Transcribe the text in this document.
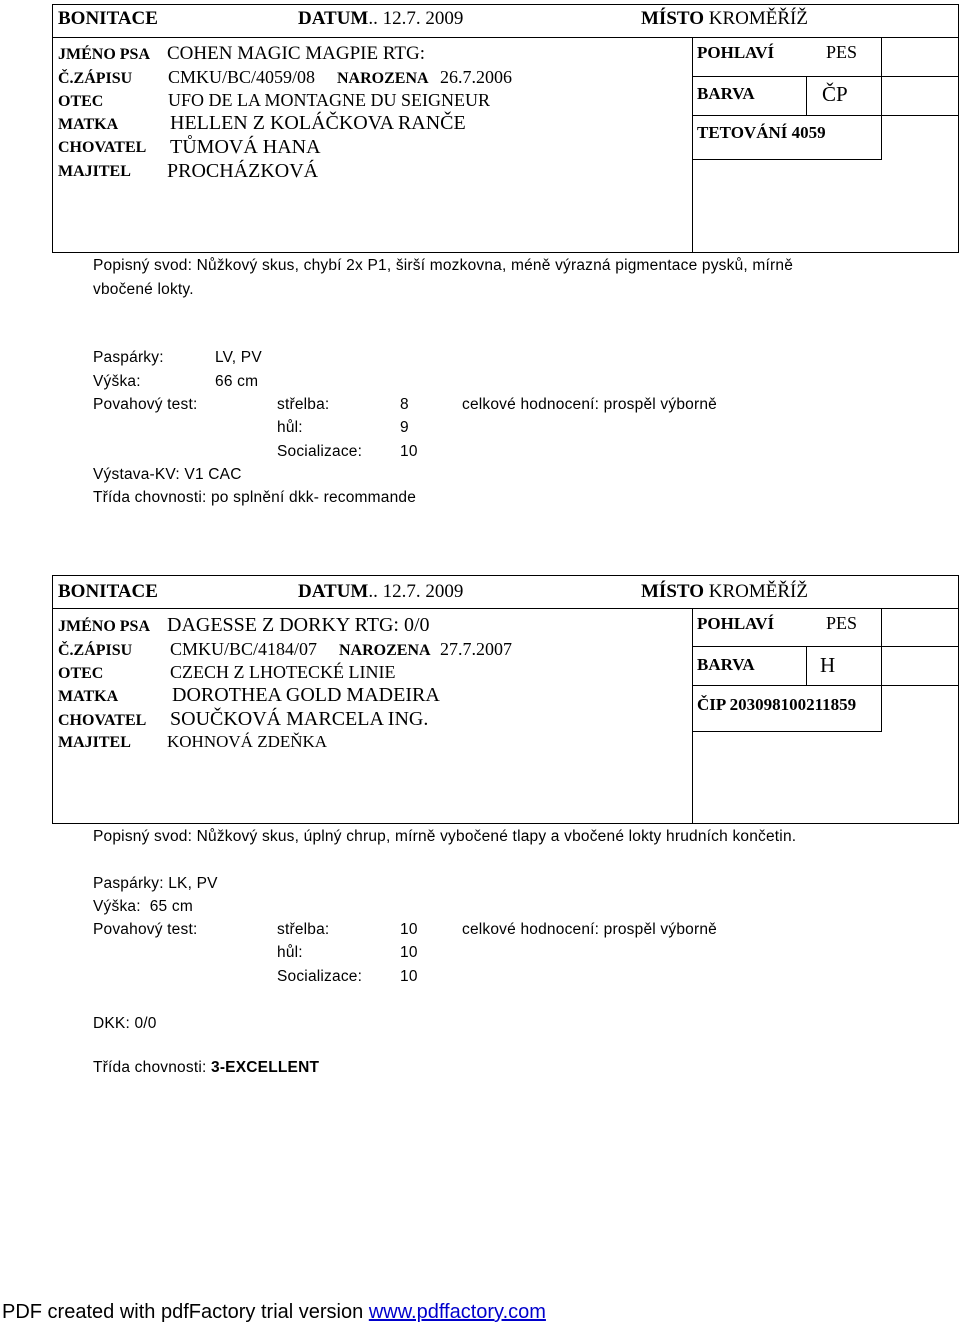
BONITACE	DATUM.. 12.7. 2009	MÍSTO KROMĚŘÍŽ
JMÉNO PSA COHEN MAGIC MAGPIE RTG:
Č.ZÁPISU CMKU/BC/4059/08 NAROZENA 26.7.2006
OTEC	UFO DE LA MONTAGNE DU SEIGNEUR
MATKA	HELLEN Z KOLÁČKOVA RANČE
CHOVATEL TŮMOVÁ HANA
MAJITEL PROCHÁZKOVÁ
POHLAVÍ	PES
BARVA	ČP
TETOVÁNÍ 4059
Popisný svod: Nůžkový skus, chybí 2x P1, širší mozkovna, méně výrazná pigmentace pysků, mírně
vbočené lokty.
Paspárky:	LV, PV
Výška:	66 cm
Povahový test:	střelba:	8	celkové hodnocení: prospěl výborně
hůl:	9
Socializace: 10
Výstava-KV: V1 CAC
Třída chovnosti: po splnění dkk- recommande
BONITACE	DATUM.. 12.7. 2009	MÍSTO KROMĚŘÍŽ
JMÉNO PSA DAGESSE Z DORKY RTG: 0/0
Č.ZÁPISU CMKU/BC/4184/07 NAROZENA 27.7.2007
OTEC	CZECH Z LHOTECKÉ LINIE
MATKA	DOROTHEA GOLD MADEIRA
CHOVATEL SOUČKOVÁ MARCELA ING.
MAJITEL KOHNOVÁ ZDEŇKA
POHLAVÍ	PES
BARVA	H
ČIP 203098100211859
Popisný svod: Nůžkový skus, úplný chrup, mírně vybočené tlapy a vbočené lokty hrudních končetin.
Paspárky: LK, PV
Výška:  65 cm
Povahový test:	střelba:	10	celkové hodnocení: prospěl výborně
hůl:	10
Socializace: 10
DKK: 0/0
Třída chovnosti: 3-EXCELLENT
PDF created with pdfFactory trial version www.pdffactory.com
